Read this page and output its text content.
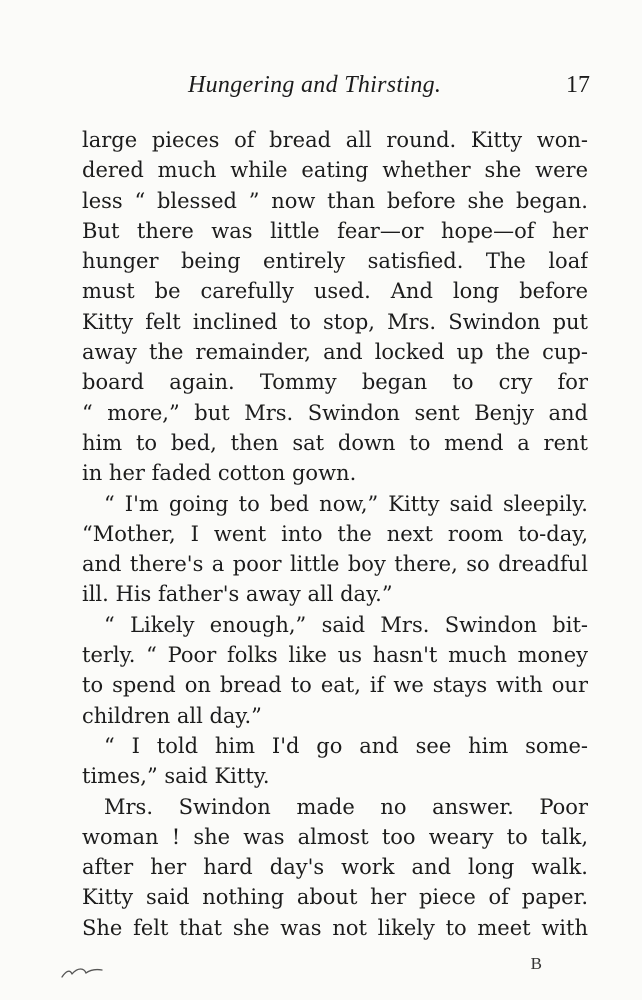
Hungering and Thirsting.	17
large pieces of bread all round. Kitty won-
dered much while eating whether she were
less “ blessed ” now than before she began.
But there was little fear—or hope—of her
hunger being entirely satisfied. The loaf
must be carefully used. And long before
Kitty felt inclined to stop, Mrs. Swindon put
away the remainder, and locked up the cup-
board again. Tommy began to cry for
“ more,” but Mrs. Swindon sent Benjy and
him to bed, then sat down to mend a rent
in her faded cotton gown.
“ I'm going to bed now,” Kitty said sleepily.
“Mother, I went into the next room to-day,
and there's a poor little boy there, so dreadful
ill. His father's away all day.”
“ Likely enough,” said Mrs. Swindon bit-
terly. “ Poor folks like us hasn't much money
to spend on bread to eat, if we stays with our
children all day.”
“ I told him I'd go and see him some-
times,” said Kitty.
Mrs. Swindon made no answer. Poor
woman ! she was almost too weary to talk,
after her hard day's work and long walk.
Kitty said nothing about her piece of paper.
She felt that she was not likely to meet with
B
